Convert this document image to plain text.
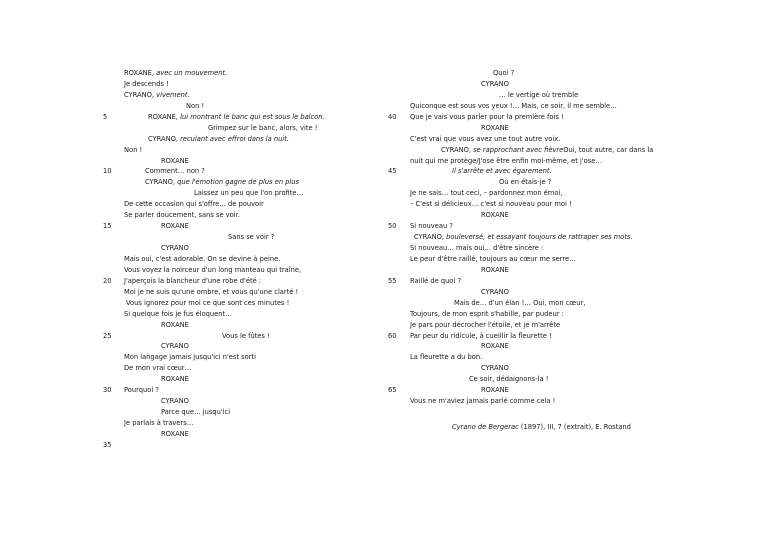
ROXANE, avec un mouvement.
Je descends !
CYRANO, vivement.
Non !
5	ROXANE, lui montrant le banc qui est sous le balcon.
Grimpez sur le banc, alors, vite !
CYRANO, reculant avec effroi dans la nuit.
Non !
ROXANE
10	Comment… non ?
CYRANO, que l'émotion gagne de plus en plus
Laissez un peu que l'on profite…
De cette occasion qui s'offre… de pouvoir
Se parler doucement, sans se voir.
15	ROXANE
Sans se voir ?
CYRANO
Mais oui, c'est adorable. On se devine à peine.
Vous voyez la noirceur d'un long manteau qui traîne,
20 J'aperçois la blancheur d'une robe d'été :
Moi je ne suis qu'une ombre, et vous qu'une clarté !
Vous ignorez pour moi ce que sont ces minutes !
Si quelque fois je fus éloquent…
ROXANE
25	Vous le fûtes !
CYRANO
Mon langage jamais jusqu'ici n'est sorti
De mon vrai cœur…
ROXANE
30 Pourquoi ?
CYRANO
Parce que… jusqu'ici
Je parlais à travers…
ROXANE
35
Quoi ?
CYRANO
… le vertige où tremble
Quiconque est sous vos yeux !… Mais, ce soir, il me semble…
40 Que je vais vous parler pour la première fois !
ROXANE
C'est vrai que vous avez une tout autre voix.
CYRANO, se rapprochant avec fièvreOui, tout autre, car dans la
nuit qui me protège/J'ose être enfin moi-même, et j'ose…
45	Il s'arrête et avec égarement.
Où en étais-je ?
Je ne sais… tout ceci, – pardonnez mon émoi,
– C'est si délicieux… c'est si nouveau pour moi !
ROXANE
50 Si nouveau ?
CYRANO, bouleversé, et essayant toujours de rattraper ses mots.
Si nouveau… mais oui… d'être sincère :
Le peur d'être raillé, toujours au cœur me serre…
ROXANE
55 Raillé de quoi ?
CYRANO
Mais de… d'un élan !… Oui, mon cœur,
Toujours, de mon esprit s'habille, par pudeur :
Je pars pour décrocher l'étoile, et je m'arrête
60 Par peur du ridicule, à cueillir la fleurette !
ROXANE
La fleurette a du bon.
CYRANO
Ce soir, dédaignons-la !
65	ROXANE
Vous ne m'aviez jamais parlé comme cela !
Cyrano de Bergerac (1897), III, 7 (extrait), E. Rostand
